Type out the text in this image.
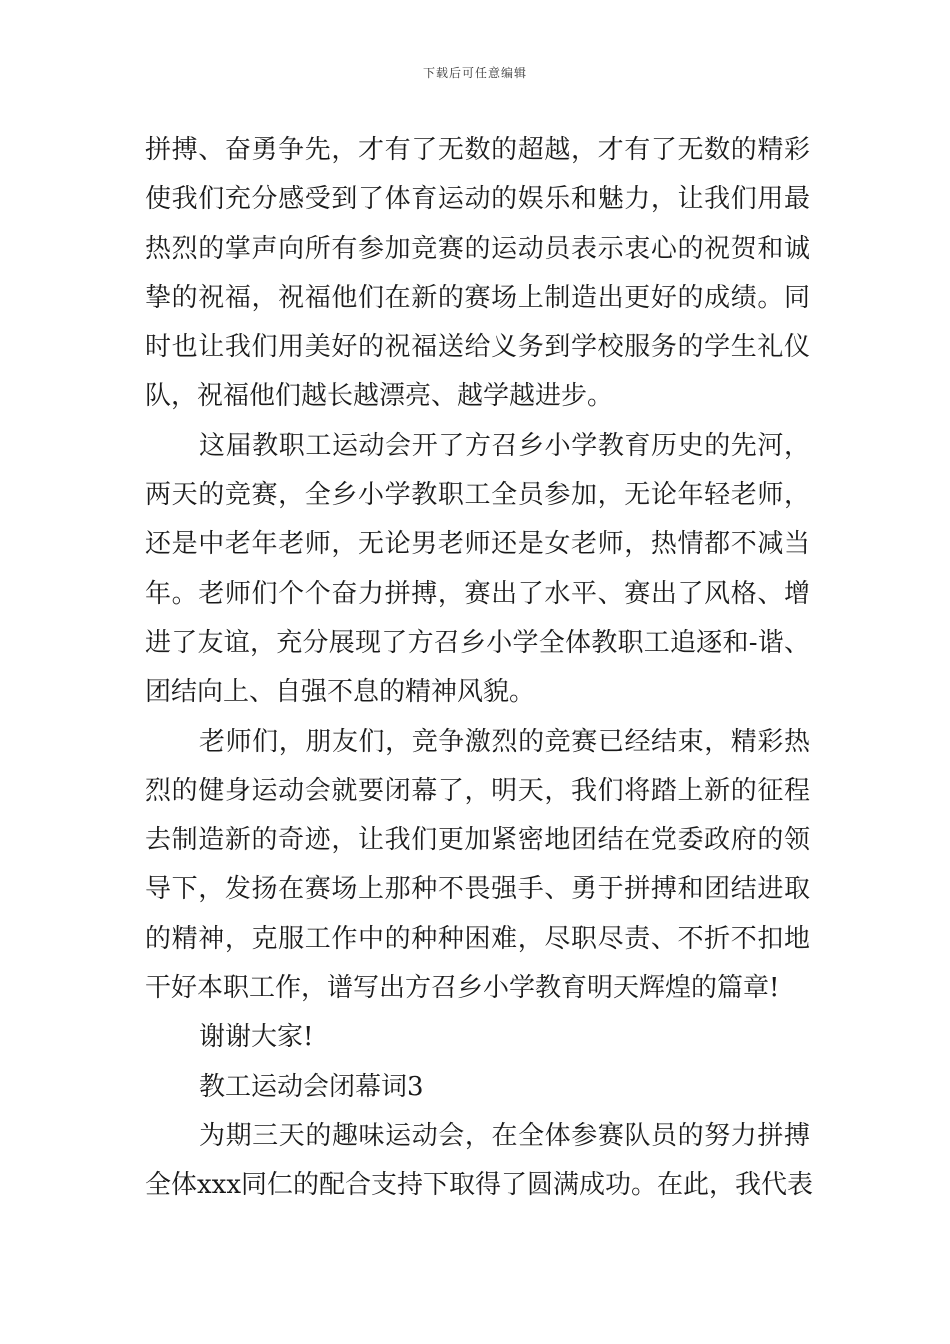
下载后可任意编辑
拼搏、奋勇争先，才有了无数的超越，才有了无数的精彩
使我们充分感受到了体育运动的娱乐和魅力，让我们用最
热烈的掌声向所有参加竞赛的运动员表示衷心的祝贺和诚
挚的祝福，祝福他们在新的赛场上制造出更好的成绩。同
时也让我们用美好的祝福送给义务到学校服务的学生礼仪
队，祝福他们越长越漂亮、越学越进步。
这届教职工运动会开了方召乡小学教育历史的先河，
两天的竞赛，全乡小学教职工全员参加，无论年轻老师，
还是中老年老师，无论男老师还是女老师，热情都不减当
年。老师们个个奋力拼搏，赛出了水平、赛出了风格、增
进了友谊，充分展现了方召乡小学全体教职工追逐和-谐、
团结向上、自强不息的精神风貌。
老师们，朋友们，竞争激烈的竞赛已经结束，精彩热
烈的健身运动会就要闭幕了，明天，我们将踏上新的征程
去制造新的奇迹，让我们更加紧密地团结在党委政府的领
导下，发扬在赛场上那种不畏强手、勇于拼搏和团结进取
的精神，克服工作中的种种困难，尽职尽责、不折不扣地
干好本职工作，谱写出方召乡小学教育明天辉煌的篇章!
谢谢大家!
教工运动会闭幕词3
为期三天的趣味运动会，在全体参赛队员的努力拼搏
全体xxx同仁的配合支持下取得了圆满成功。在此，我代表
